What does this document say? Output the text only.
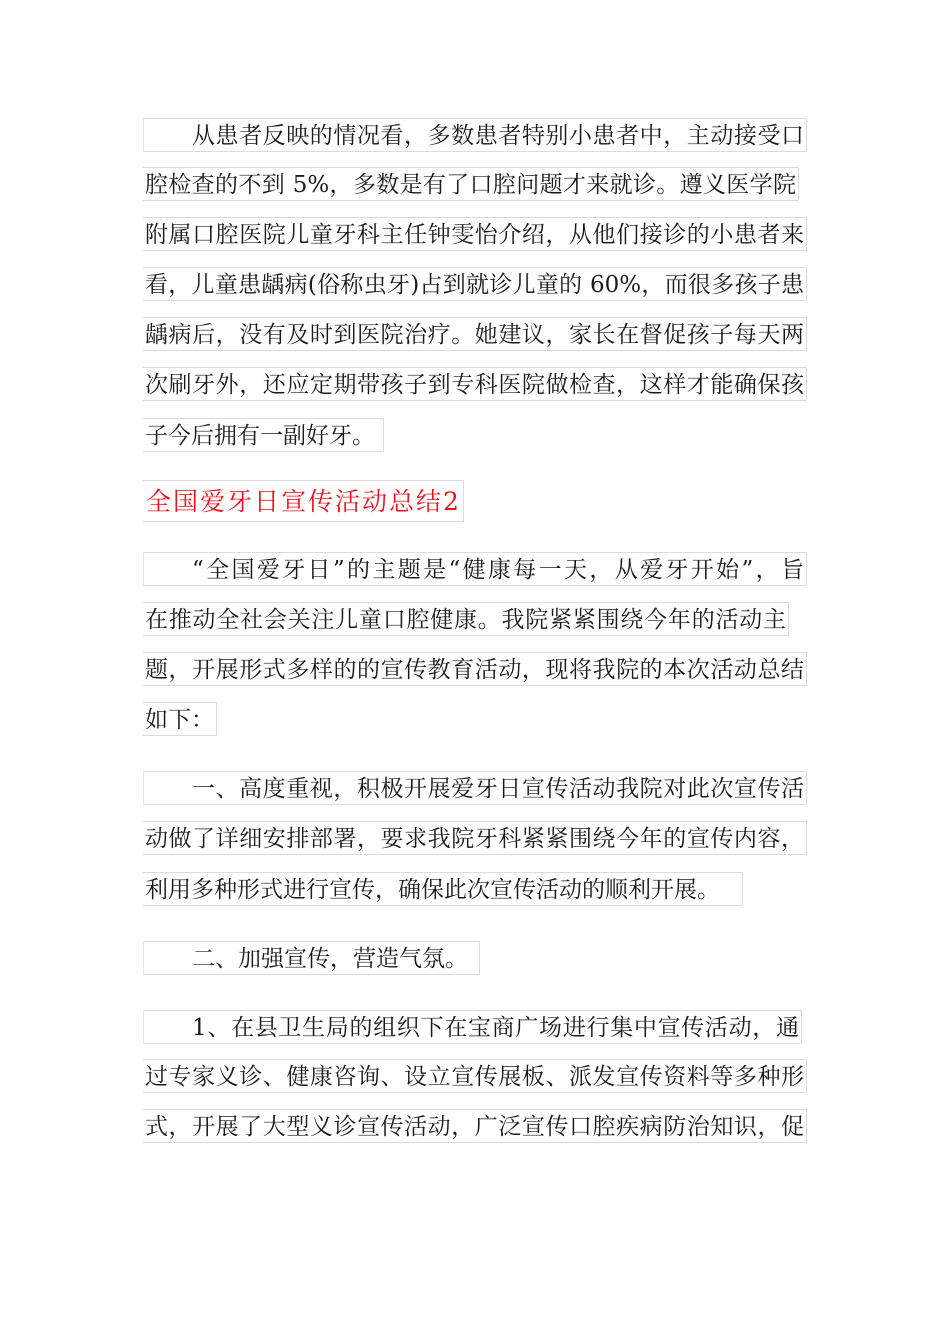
从患者反映的情况看，多数患者特别小患者中，主动接受口
腔检查的不到 5%，多数是有了口腔问题才来就诊。遵义医学院
附属口腔医院儿童牙科主任钟雯怡介绍，从他们接诊的小患者来
看，儿童患龋病(俗称虫牙)占到就诊儿童的 60%，而很多孩子患
龋病后，没有及时到医院治疗。她建议，家长在督促孩子每天两
次刷牙外，还应定期带孩子到专科医院做检查，这样才能确保孩
子今后拥有一副好牙。
全国爱牙日宣传活动总结2
“全国爱牙日”的主题是“健康每一天，从爱牙开始”，旨
在推动全社会关注儿童口腔健康。我院紧紧围绕今年的活动主
题，开展形式多样的的宣传教育活动，现将我院的本次活动总结
如下：
一、高度重视，积极开展爱牙日宣传活动我院对此次宣传活
动做了详细安排部署，要求我院牙科紧紧围绕今年的宣传内容，
利用多种形式进行宣传，确保此次宣传活动的顺利开展。
二、加强宣传，营造气氛。
1、在县卫生局的组织下在宝商广场进行集中宣传活动，通
过专家义诊、健康咨询、设立宣传展板、派发宣传资料等多种形
式，开展了大型义诊宣传活动，广泛宣传口腔疾病防治知识，促
